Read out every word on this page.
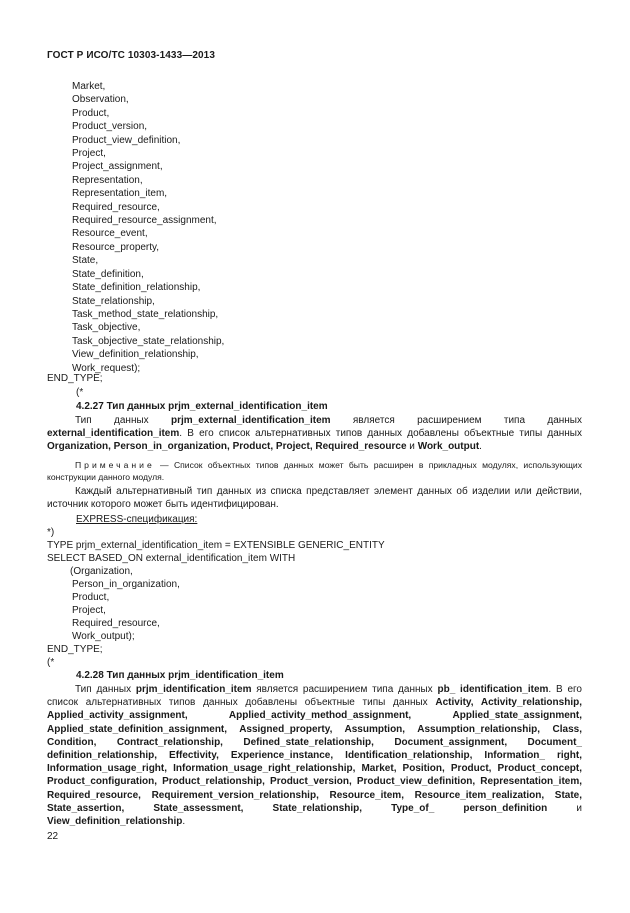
ГОСТ Р ИСО/ТС 10303-1433—2013
Market,
Observation,
Product,
Product_version,
Product_view_definition,
Project,
Project_assignment,
Representation,
Representation_item,
Required_resource,
Required_resource_assignment,
Resource_event,
Resource_property,
State,
State_definition,
State_definition_relationship,
State_relationship,
Task_method_state_relationship,
Task_objective,
Task_objective_state_relationship,
View_definition_relationship,
Work_request);
END_TYPE;
(*
4.2.27 Тип данных prjm_external_identification_item
Тип данных prjm_external_identification_item является расширением типа данных external_identification_item. В его список альтернативных типов данных добавлены объектные типы данных Organization, Person_in_organization, Product, Project, Required_resource и Work_output.
Примечание — Список объектных типов данных может быть расширен в прикладных модулях, использующих конструкции данного модуля.
Каждый альтернативный тип данных из списка представляет элемент данных об изделии или действии, источник которого может быть идентифицирован.
EXPRESS-спецификация:
*)
TYPE prjm_external_identification_item = EXTENSIBLE GENERIC_ENTITY
SELECT BASED_ON external_identification_item WITH
(Organization,
Person_in_organization,
Product,
Project,
Required_resource,
Work_output);
END_TYPE;
(*
4.2.28 Тип данных prjm_identification_item
Тип данных prjm_identification_item является расширением типа данных pb_ identification_item. В его список альтернативных типов данных добавлены объектные типы данных Activity, Activity_relationship, Applied_activity_assignment, Applied_activity_method_assignment, Applied_state_assignment, Applied_state_definition_assignment, Assigned_property, Assumption, Assumption_relationship, Class, Condition, Contract_relationship, Defined_state_relationship, Document_assignment, Document_ definition_relationship, Effectivity, Experience_instance, Identification_relationship, Information_ right, Information_usage_right, Information_usage_right_relationship, Market, Position, Product, Product_concept, Product_configuration, Product_relationship, Product_version, Product_view_definition, Representation_item, Required_resource, Requirement_version_relationship, Resource_item, Resource_item_realization, State, State_assertion, State_assessment, State_relationship, Type_of_ person_definition и View_definition_relationship.
22
